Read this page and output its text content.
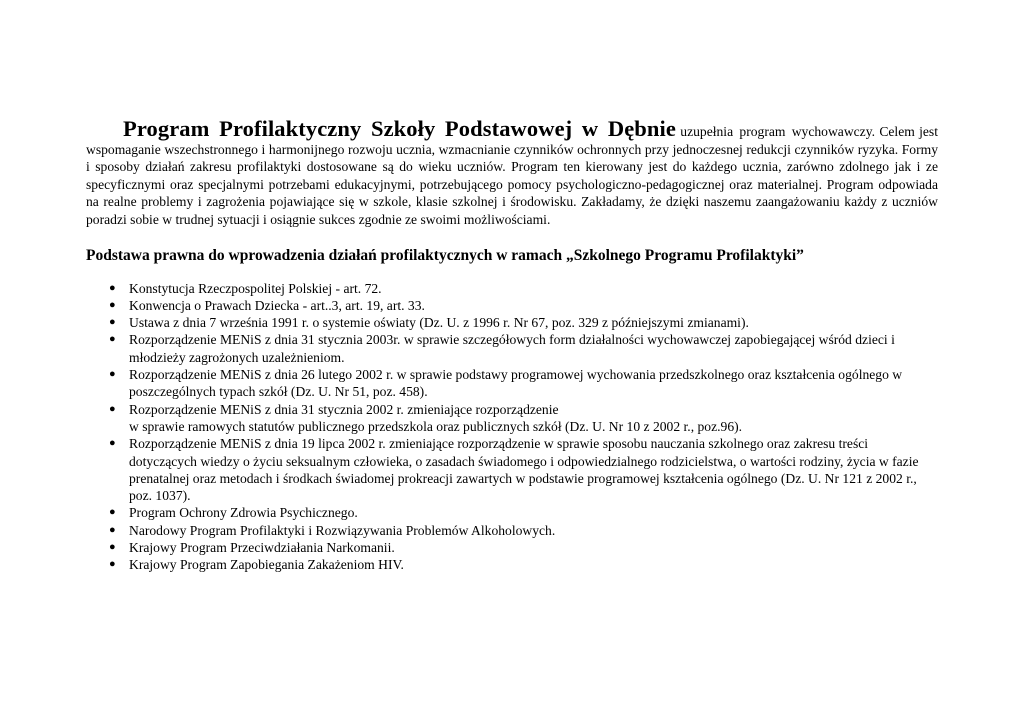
Program Profilaktyczny Szkoły Podstawowej w Dębnie uzupełnia program wychowawczy. Celem jest wspomaganie wszechstronnego i harmonijnego rozwoju ucznia, wzmacnianie czynników ochronnych przy jednoczesnej redukcji czynników ryzyka. Formy i sposoby działań zakresu profilaktyki dostosowane są do wieku uczniów. Program ten kierowany jest do każdego ucznia, zarówno zdolnego jak i ze specyficznymi oraz specjalnymi potrzebami edukacyjnymi, potrzebującego pomocy psychologiczno-pedagogicznej oraz materialnej. Program odpowiada na realne problemy i zagrożenia pojawiające się w szkole, klasie szkolnej i środowisku. Zakładamy, że dzięki naszemu zaangażowaniu każdy z uczniów poradzi sobie w trudnej sytuacji i osiągnie sukces zgodnie ze swoimi możliwościami.

Podstawa prawna do wprowadzenia działań profilaktycznych w ramach „Szkolnego Programu Profilaktyki”
● Konstytucja Rzeczpospolitej Polskiej - art. 72.
● Konwencja o Prawach Dziecka - art..3, art. 19, art. 33.
● Ustawa z dnia 7 września 1991 r. o systemie oświaty (Dz. U. z 1996 r. Nr 67, poz. 329 z późniejszymi zmianami).
● Rozporządzenie MENiS z dnia 31 stycznia 2003r. w sprawie szczegółowych form działalności wychowawczej zapobiegającej wśród dzieci i młodzieży zagrożonych uzależnieniom.
● Rozporządzenie MENiS z dnia 26 lutego 2002 r. w sprawie podstawy programowej wychowania przedszkolnego oraz kształcenia ogólnego w poszczególnych typach szkół (Dz. U. Nr 51, poz. 458).
● Rozporządzenie MENiS z dnia 31 stycznia 2002 r. zmieniające rozporządzenie
w sprawie ramowych statutów publicznego przedszkola oraz publicznych szkół (Dz. U. Nr 10 z 2002 r., poz.96).
● Rozporządzenie MENiS z dnia 19 lipca 2002 r. zmieniające rozporządzenie w sprawie sposobu nauczania szkolnego oraz zakresu treści dotyczących wiedzy o życiu seksualnym człowieka, o zasadach świadomego i odpowiedzialnego rodzicielstwa, o wartości rodziny, życia w fazie prenatalnej oraz metodach i środkach świadomej prokreacji zawartych w podstawie programowej kształcenia ogólnego (Dz. U. Nr 121 z 2002 r., poz. 1037).
● Program Ochrony Zdrowia Psychicznego.
● Narodowy Program Profilaktyki i Rozwiązywania Problemów Alkoholowych.
● Krajowy Program Przeciwdziałania Narkomanii.
● Krajowy Program Zapobiegania Zakażeniom HIV.
